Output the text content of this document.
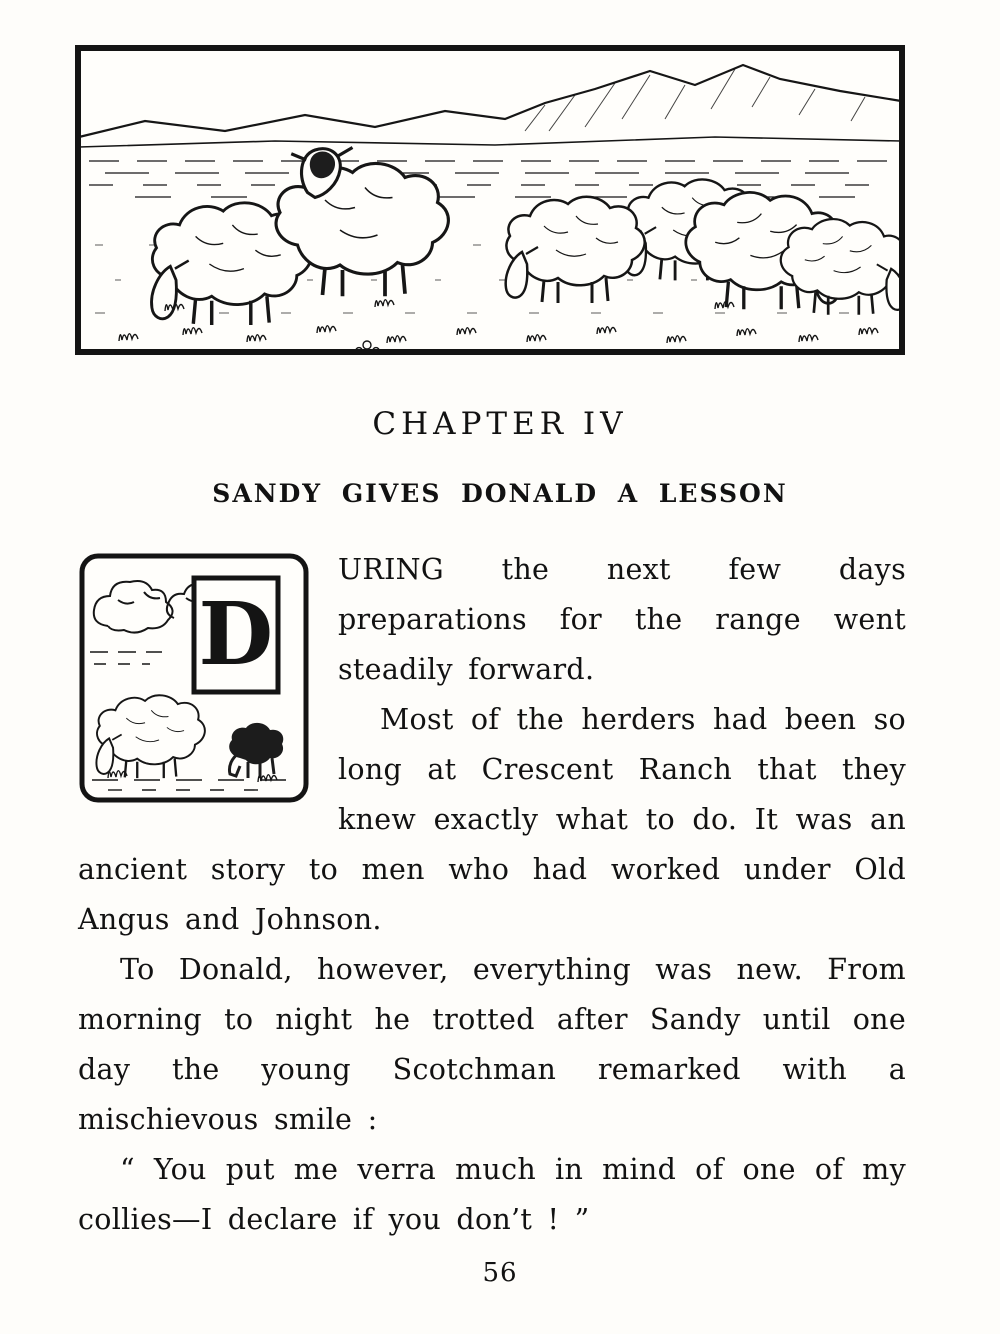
CHAPTER IV
SANDY GIVES DONALD A LESSON
D

URING the next few days preparations for the range went steadily forward.

Most of the herders had been so long at Crescent Ranch that they knew exactly what to do. It was an ancient story to men who had worked under Old Angus and Johnson.

To Donald, however, everything was new. From morning to night he trotted after Sandy until one day the young Scotchman remarked with a mischievous smile :

“ You put me verra much in mind of one of my collies—I declare if you don’t ! ”

56
